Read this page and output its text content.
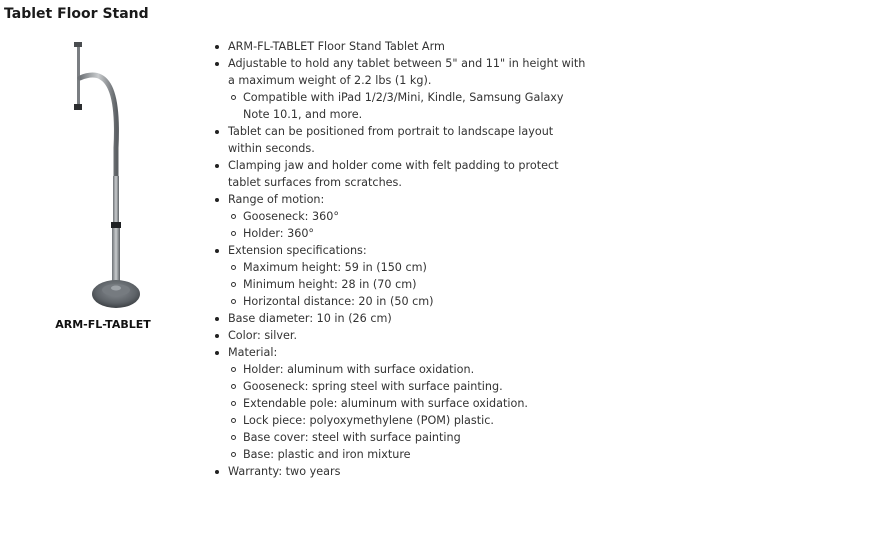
Tablet Floor Stand
ARM-FL-TABLET
ARM-FL-TABLET Floor Stand Tablet Arm
Adjustable to hold any tablet between 5" and 11" in height with a maximum weight of 2.2 lbs (1 kg).
Compatible with iPad 1/2/3/Mini, Kindle, Samsung Galaxy Note 10.1, and more.
Tablet can be positioned from portrait to landscape layout within seconds.
Clamping jaw and holder come with felt padding to protect tablet surfaces from scratches.
Range of motion:
Gooseneck: 360°
Holder: 360°
Extension specifications:
Maximum height: 59 in (150 cm)
Minimum height: 28 in (70 cm)
Horizontal distance: 20 in (50 cm)
Base diameter: 10 in (26 cm)
Color: silver.
Material:
Holder: aluminum with surface oxidation.
Gooseneck: spring steel with surface painting.
Extendable pole: aluminum with surface oxidation.
Lock piece: polyoxymethylene (POM) plastic.
Base cover: steel with surface painting
Base: plastic and iron mixture
Warranty: two years
